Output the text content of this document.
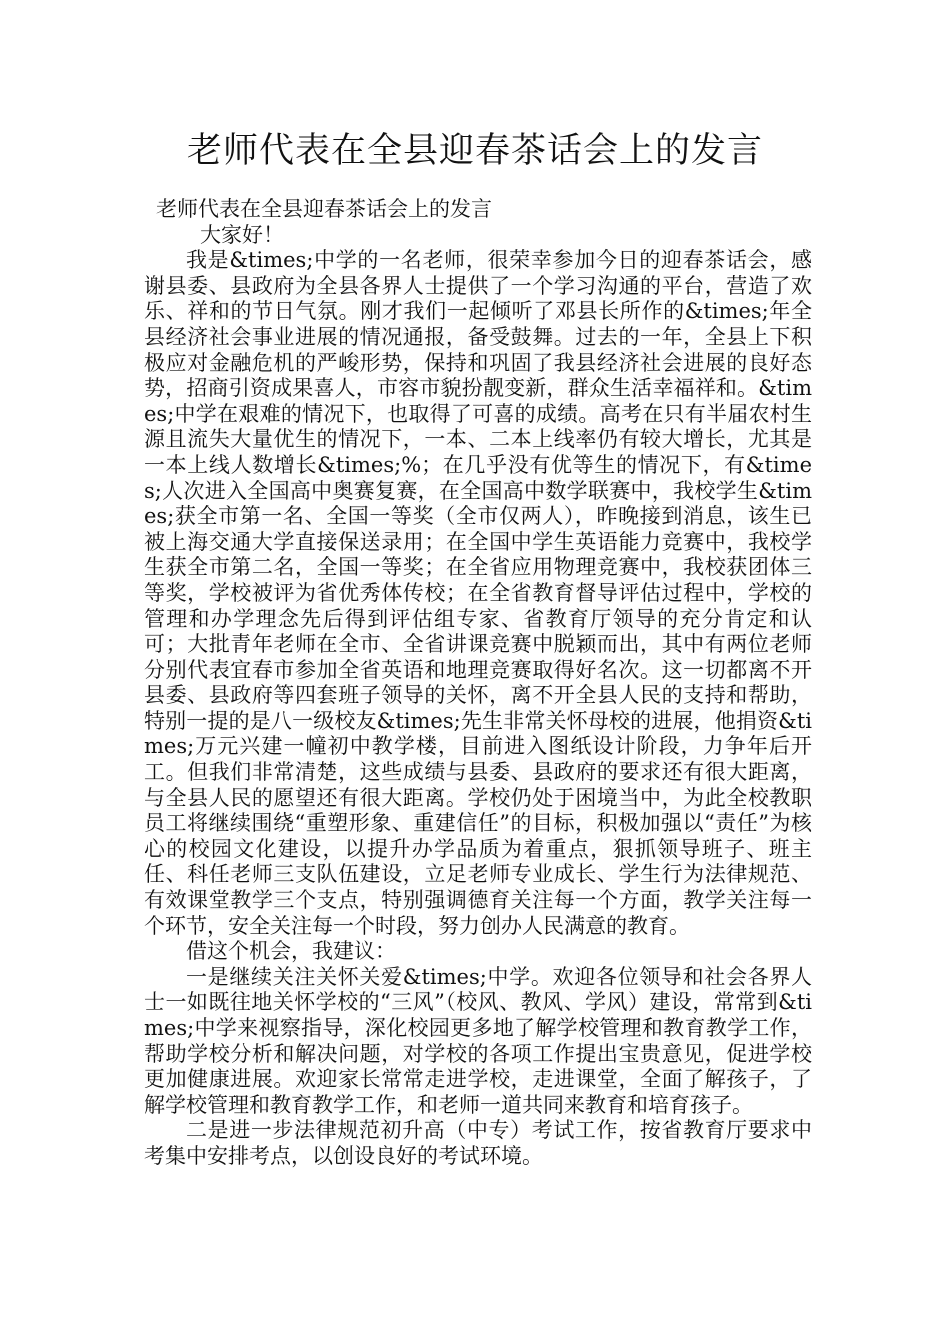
老师代表在全县迎春茶话会上的发言

老师代表在全县迎春茶话会上的发言

大家好！

我是&times;中学的一名老师，很荣幸参加今日的迎春茶话会，感谢县委、县政府为全县各界人士提供了一个学习沟通的平台，营造了欢乐、祥和的节日气氛。刚才我们一起倾听了邓县长所作的&times;年全县经济社会事业进展的情况通报，备受鼓舞。过去的一年，全县上下积极应对金融危机的严峻形势，保持和巩固了我县经济社会进展的良好态势，招商引资成果喜人，市容市貌扮靓变新，群众生活幸福祥和。&times;中学在艰难的情况下，也取得了可喜的成绩。高考在只有半届农村生源且流失大量优生的情况下，一本、二本上线率仍有较大增长，尤其是一本上线人数增长&times;%；在几乎没有优等生的情况下，有&times;人次进入全国高中奥赛复赛，在全国高中数学联赛中，我校学生&times;获全市第一名、全国一等奖（全市仅两人），昨晚接到消息，该生已被上海交通大学直接保送录用；在全国中学生英语能力竞赛中，我校学生获全市第二名，全国一等奖；在全省应用物理竞赛中，我校获团体三等奖，学校被评为省优秀体传校；在全省教育督导评估过程中，学校的管理和办学理念先后得到评估组专家、省教育厅领导的充分肯定和认可；大批青年老师在全市、全省讲课竞赛中脱颖而出，其中有两位老师分别代表宜春市参加全省英语和地理竞赛取得好名次。这一切都离不开县委、县政府等四套班子领导的关怀，离不开全县人民的支持和帮助，特别一提的是八一级校友&times;先生非常关怀母校的进展，他捐资&times;万元兴建一幢初中教学楼，目前进入图纸设计阶段，力争年后开工。但我们非常清楚，这些成绩与县委、县政府的要求还有很大距离，与全县人民的愿望还有很大距离。学校仍处于困境当中，为此全校教职员工将继续围绕“重塑形象、重建信任”的目标，积极加强以“责任”为核心的校园文化建设，以提升办学品质为着重点，狠抓领导班子、班主任、科任老师三支队伍建设，立足老师专业成长、学生行为法律规范、有效课堂教学三个支点，特别强调德育关注每一个方面，教学关注每一个环节，安全关注每一个时段，努力创办人民满意的教育。

借这个机会，我建议：

一是继续关注关怀关爱&times;中学。欢迎各位领导和社会各界人士一如既往地关怀学校的“三风”（校风、教风、学风）建设，常常到&times;中学来视察指导，深化校园更多地了解学校管理和教育教学工作，帮助学校分析和解决问题，对学校的各项工作提出宝贵意见，促进学校更加健康进展。欢迎家长常常走进学校，走进课堂，全面了解孩子，了解学校管理和教育教学工作，和老师一道共同来教育和培育孩子。

二是进一步法律规范初升高（中专）考试工作，按省教育厅要求中考集中安排考点，以创设良好的考试环境。
